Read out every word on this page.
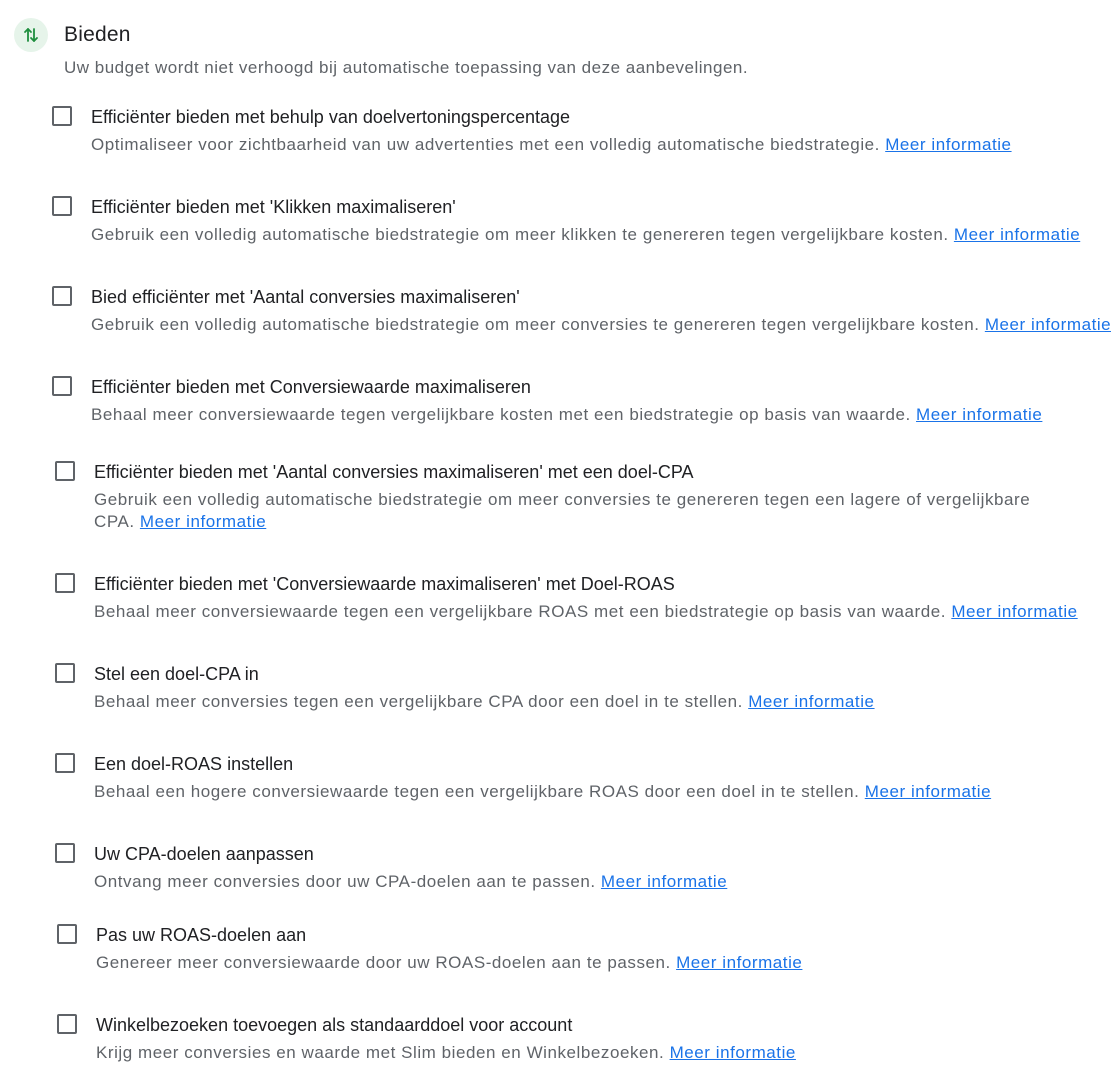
Bieden
Uw budget wordt niet verhoogd bij automatische toepassing van deze aanbevelingen.
Efficiënter bieden met behulp van doelvertoningspercentage
Optimaliseer voor zichtbaarheid van uw advertenties met een volledig automatische biedstrategie. Meer informatie
Efficiënter bieden met 'Klikken maximaliseren'
Gebruik een volledig automatische biedstrategie om meer klikken te genereren tegen vergelijkbare kosten. Meer informatie
Bied efficiënter met 'Aantal conversies maximaliseren'
Gebruik een volledig automatische biedstrategie om meer conversies te genereren tegen vergelijkbare kosten. Meer informatie
Efficiënter bieden met Conversiewaarde maximaliseren
Behaal meer conversiewaarde tegen vergelijkbare kosten met een biedstrategie op basis van waarde. Meer informatie
Efficiënter bieden met 'Aantal conversies maximaliseren' met een doel-CPA
Gebruik een volledig automatische biedstrategie om meer conversies te genereren tegen een lagere of vergelijkbare CPA. Meer informatie
Efficiënter bieden met 'Conversiewaarde maximaliseren' met Doel-ROAS
Behaal meer conversiewaarde tegen een vergelijkbare ROAS met een biedstrategie op basis van waarde. Meer informatie
Stel een doel-CPA in
Behaal meer conversies tegen een vergelijkbare CPA door een doel in te stellen. Meer informatie
Een doel-ROAS instellen
Behaal een hogere conversiewaarde tegen een vergelijkbare ROAS door een doel in te stellen. Meer informatie
Uw CPA-doelen aanpassen
Ontvang meer conversies door uw CPA-doelen aan te passen. Meer informatie
Pas uw ROAS-doelen aan
Genereer meer conversiewaarde door uw ROAS-doelen aan te passen. Meer informatie
Winkelbezoeken toevoegen als standaarddoel voor account
Krijg meer conversies en waarde met Slim bieden en Winkelbezoeken. Meer informatie
